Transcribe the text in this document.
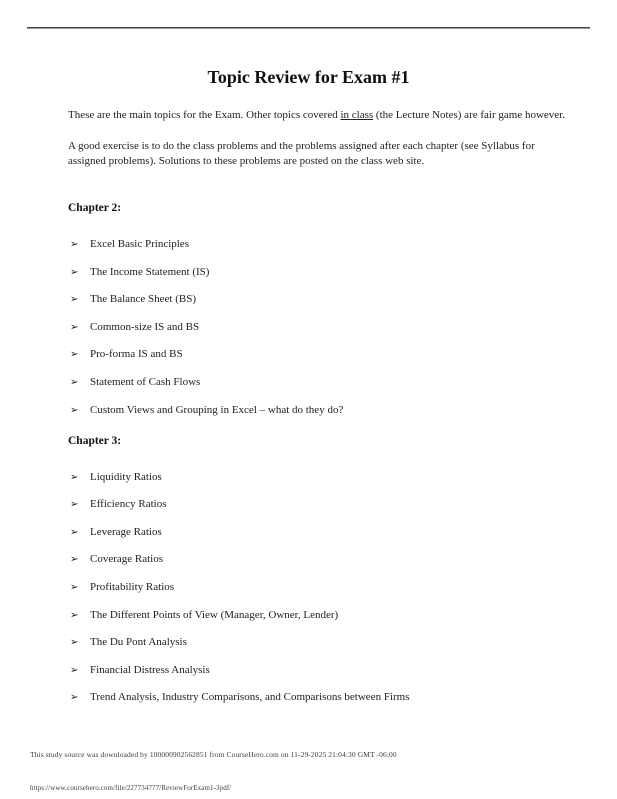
Topic Review for Exam #1

These are the main topics for the Exam. Other topics covered in class (the Lecture Notes) are fair game however.

A good exercise is to do the class problems and the problems assigned after each chapter (see Syllabus for assigned problems). Solutions to these problems are posted on the class web site.

Chapter 2:
➢ Excel Basic Principles
➢ The Income Statement (IS)
➢ The Balance Sheet (BS)
➢ Common-size IS and BS
➢ Pro-forma IS and BS
➢ Statement of Cash Flows
➢ Custom Views and Grouping in Excel – what do they do?
Chapter 3:
➢ Liquidity Ratios
➢ Efficiency Ratios
➢ Leverage Ratios
➢ Coverage Ratios
➢ Profitability Ratios
➢ The Different Points of View (Manager, Owner, Lender)
➢ The Du Pont Analysis
➢ Financial Distress Analysis
➢ Trend Analysis, Industry Comparisons, and Comparisons between Firms
This study source was downloaded by 100000902562851 from CourseHero.com on 11-29-2025 21:04:30 GMT -06:00
https://www.coursehero.com/file/227734777/ReviewForExam1-3pdf/
